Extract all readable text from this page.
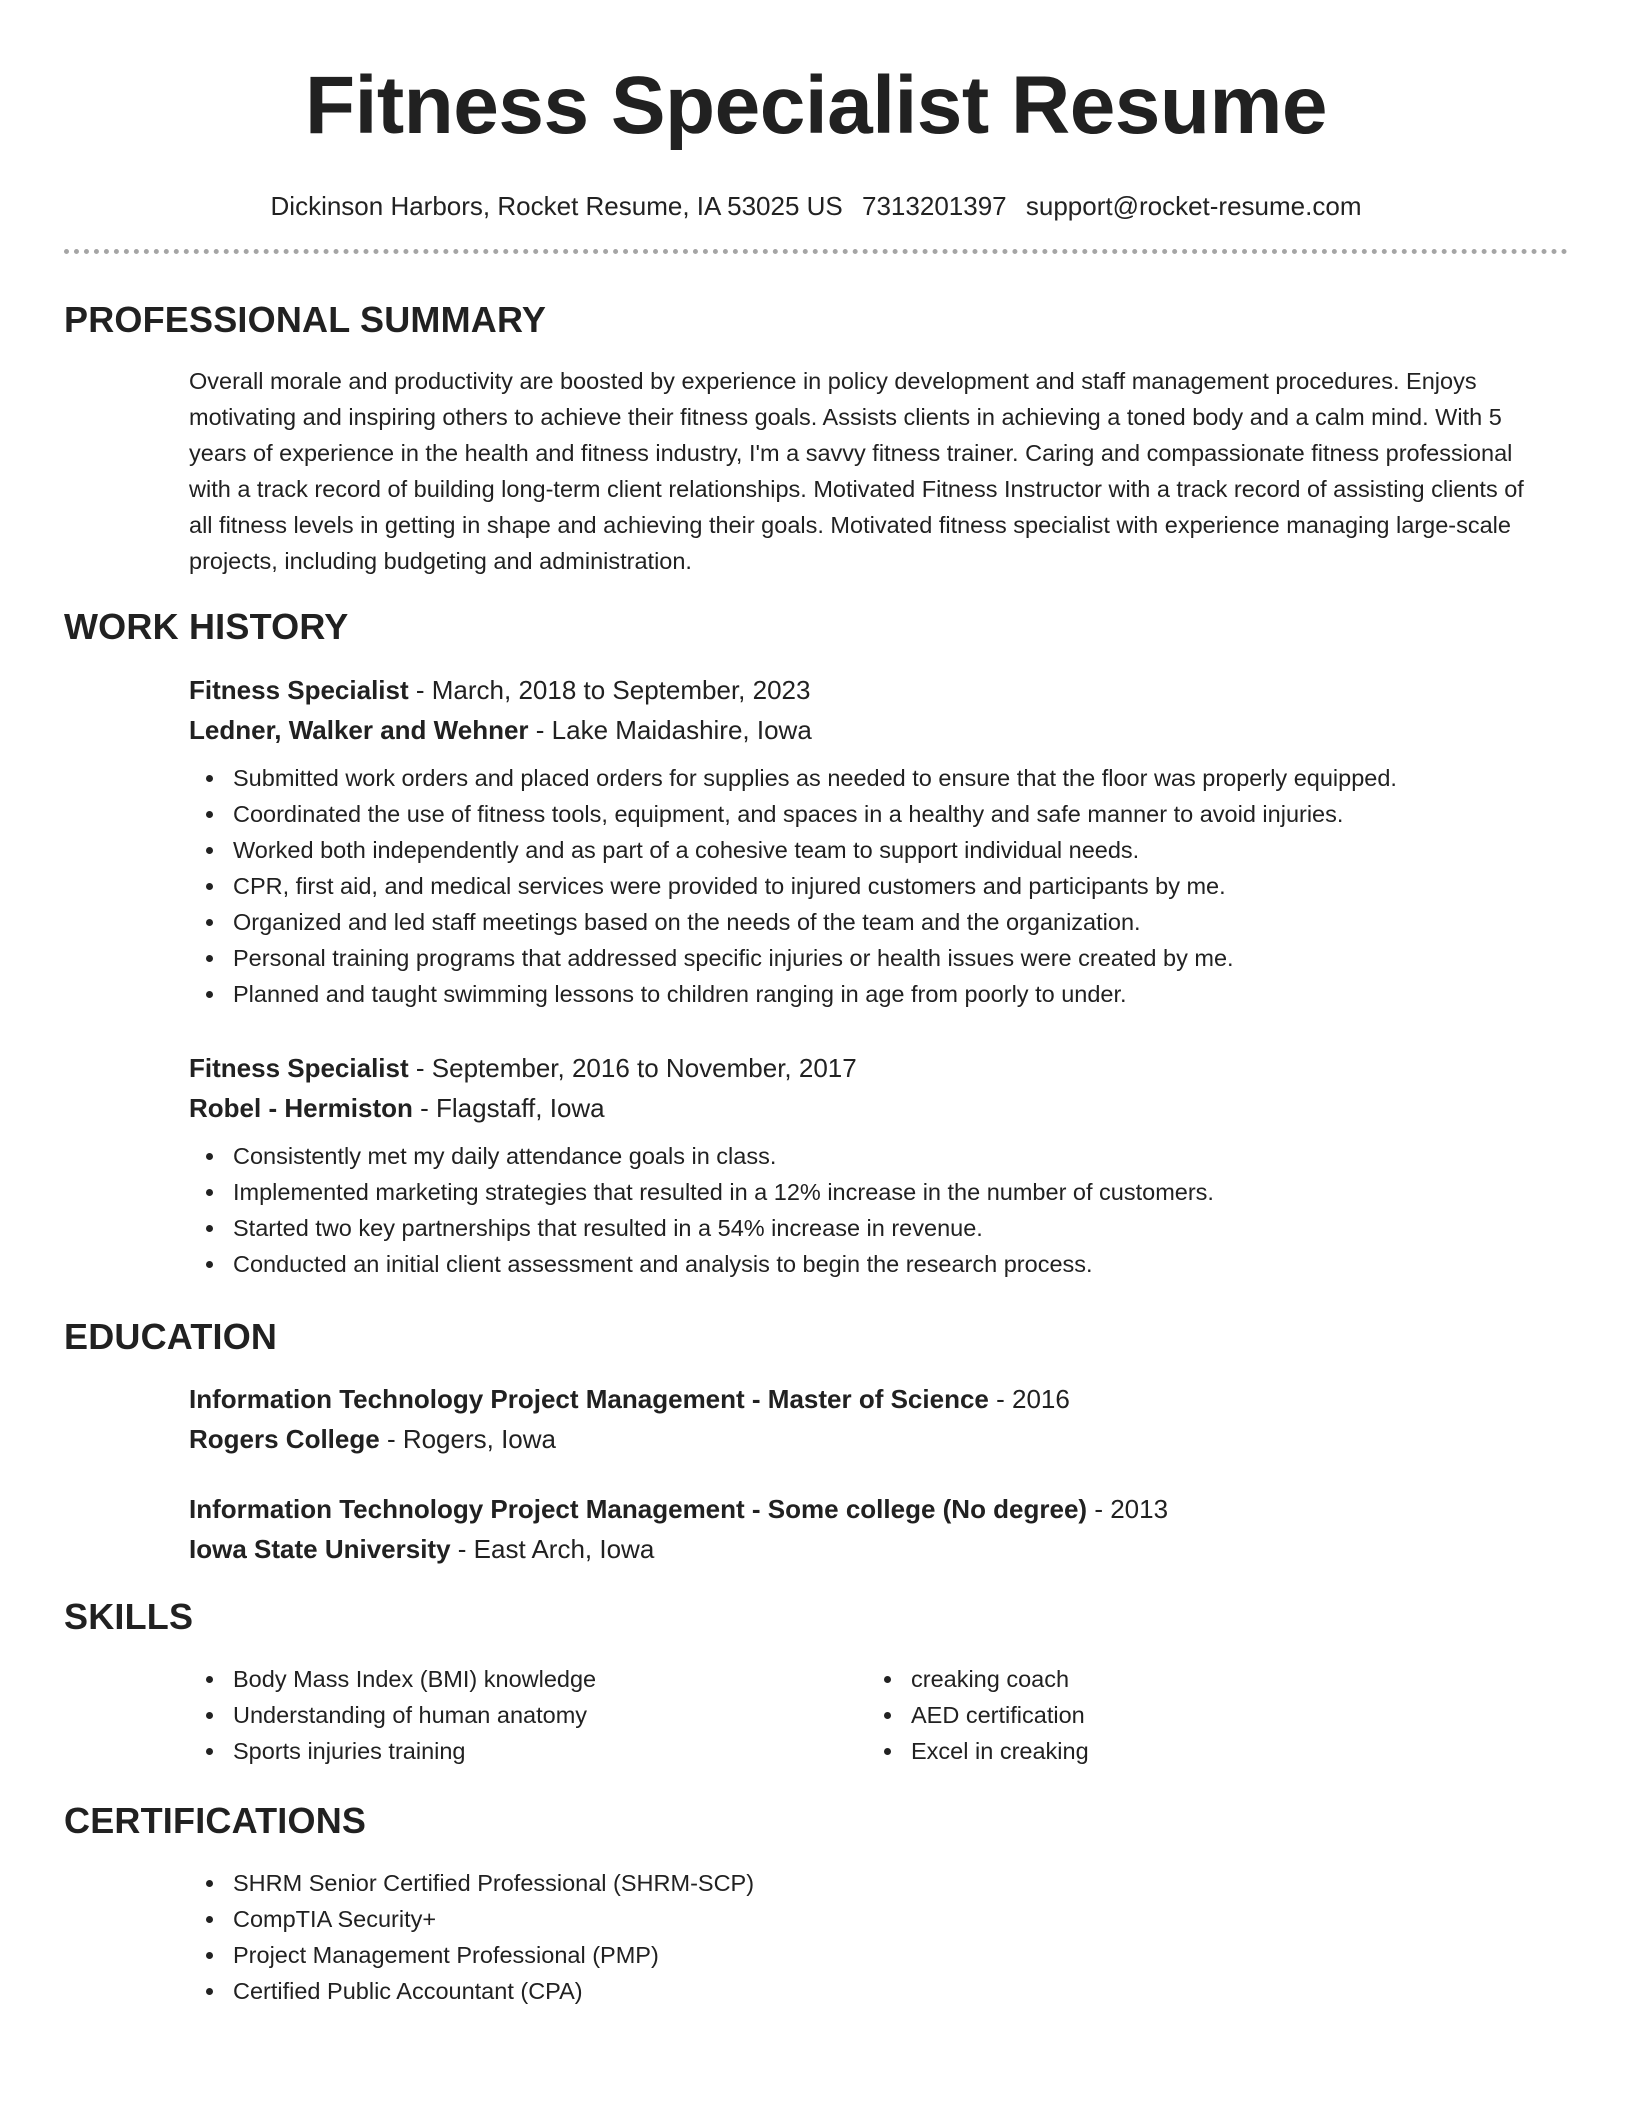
Fitness Specialist Resume
Dickinson Harbors, Rocket Resume, IA 53025 US 7313201397 support@rocket-resume.com
PROFESSIONAL SUMMARY

Overall morale and productivity are boosted by experience in policy development and staff management procedures. Enjoys motivating and inspiring others to achieve their fitness goals. Assists clients in achieving a toned body and a calm mind. With 5 years of experience in the health and fitness industry, I'm a savvy fitness trainer. Caring and compassionate fitness professional with a track record of building long-term client relationships. Motivated Fitness Instructor with a track record of assisting clients of all fitness levels in getting in shape and achieving their goals. Motivated fitness specialist with experience managing large-scale projects, including budgeting and administration.

WORK HISTORY

Fitness Specialist - March, 2018 to September, 2023

Ledner, Walker and Wehner - Lake Maidashire, Iowa

Submitted work orders and placed orders for supplies as needed to ensure that the floor was properly equipped.
Coordinated the use of fitness tools, equipment, and spaces in a healthy and safe manner to avoid injuries.
Worked both independently and as part of a cohesive team to support individual needs.
CPR, first aid, and medical services were provided to injured customers and participants by me.
Organized and led staff meetings based on the needs of the team and the organization.
Personal training programs that addressed specific injuries or health issues were created by me.
Planned and taught swimming lessons to children ranging in age from poorly to under.

Fitness Specialist - September, 2016 to November, 2017

Robel - Hermiston - Flagstaff, Iowa

Consistently met my daily attendance goals in class.
Implemented marketing strategies that resulted in a 12% increase in the number of customers.
Started two key partnerships that resulted in a 54% increase in revenue.
Conducted an initial client assessment and analysis to begin the research process.
EDUCATION

Information Technology Project Management - Master of Science - 2016

Rogers College - Rogers, Iowa

Information Technology Project Management - Some college (No degree) - 2013

Iowa State University - East Arch, Iowa

SKILLS
Body Mass Index (BMI) knowledge
Understanding of human anatomy
Sports injuries training
creaking coach
AED certification
Excel in creaking
CERTIFICATIONS
SHRM Senior Certified Professional (SHRM-SCP)
CompTIA Security+
Project Management Professional (PMP)
Certified Public Accountant (CPA)
